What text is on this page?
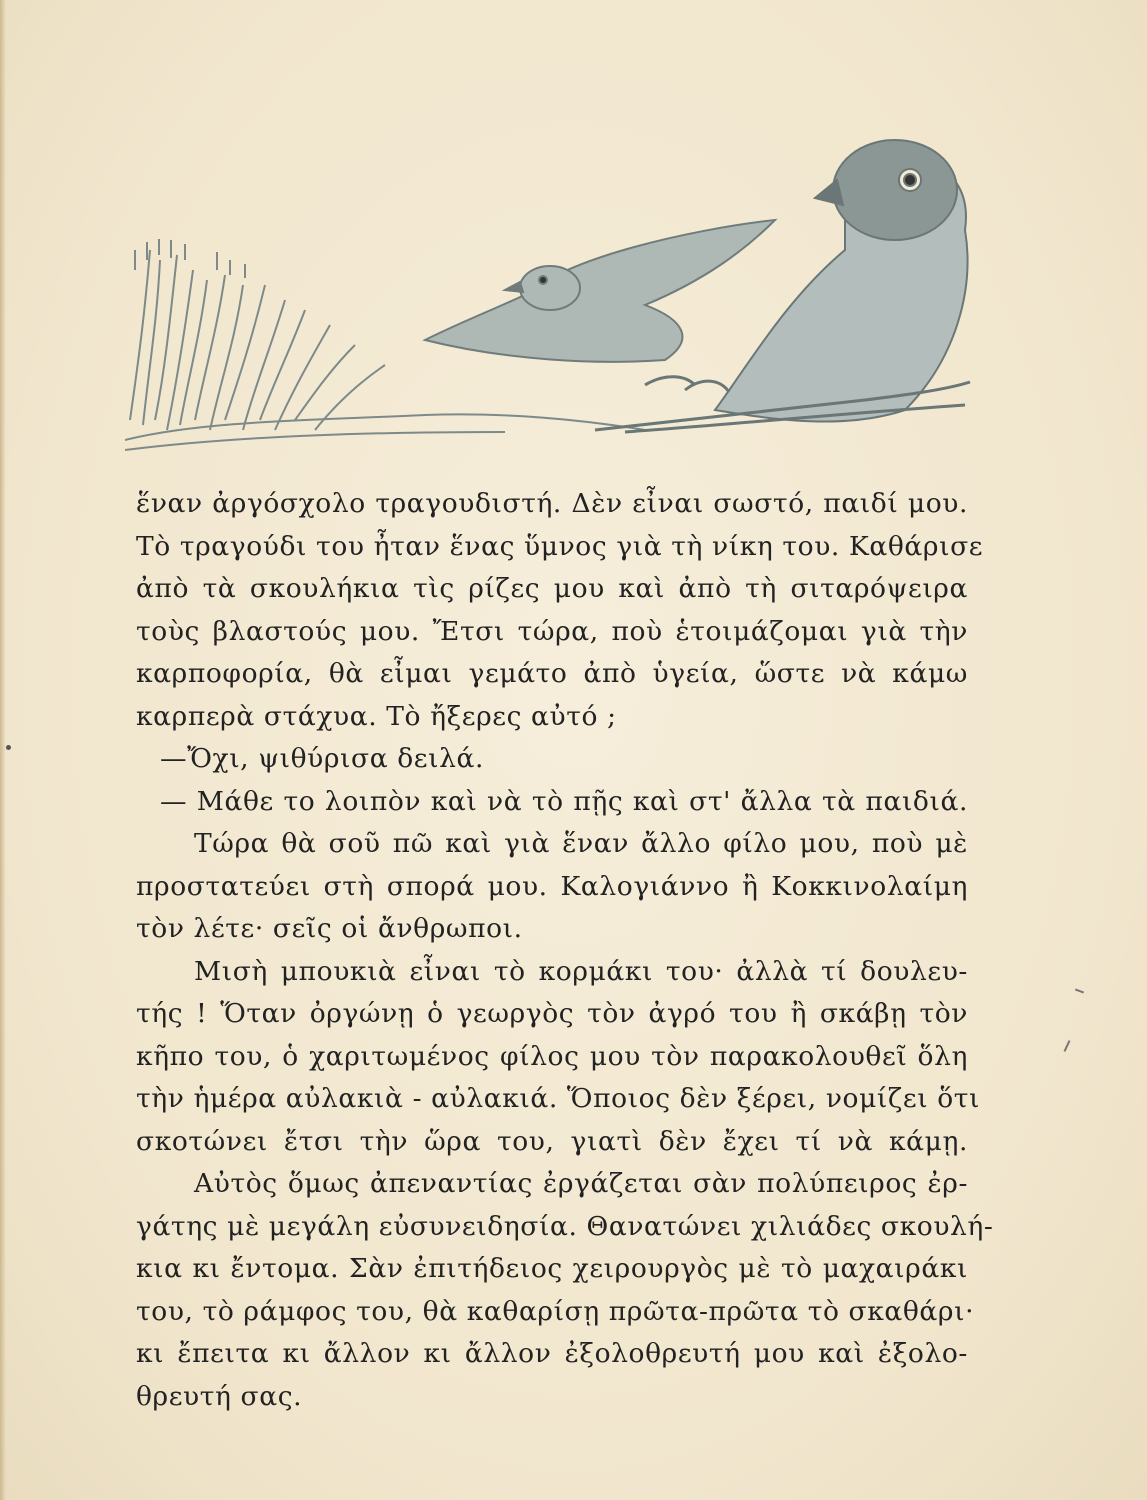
ἕναν ἀργόσχολο τραγουδιστή. Δὲν εἶναι σωστό, παιδί μου.
Τὸ τραγούδι του ἦταν ἕνας ὕμνος γιὰ τὴ νίκη του. Καθάρισε
ἀπὸ τὰ σκουλήκια τὶς ρίζες μου καὶ ἀπὸ τὴ σιταρόψειρα
τοὺς βλαστούς μου. Ἔτσι τώρα, ποὺ ἑτοιμάζομαι γιὰ τὴν
καρποφορία, θὰ εἶμαι γεμάτο ἀπὸ ὑγεία, ὥστε νὰ κάμω
καρπερὰ στάχυα. Τὸ ἤξερες αὐτό ;
—Ὄχι, ψιθύρισα δειλά.
— Μάθε το λοιπὸν καὶ νὰ τὸ πῇς καὶ στ' ἄλλα τὰ παιδιά.
Τώρα θὰ σοῦ πῶ καὶ γιὰ ἕναν ἄλλο φίλο μου, ποὺ μὲ
προστατεύει στὴ σπορά μου. Καλογιάννο ἢ Κοκκινολαίμη
τὸν λέτε· σεῖς οἱ ἄνθρωποι.
Μισὴ μπουκιὰ εἶναι τὸ κορμάκι του· ἀλλὰ τί δουλευ-
τής ! Ὅταν ὀργώνῃ ὁ γεωργὸς τὸν ἀγρό του ἢ σκάβῃ τὸν
κῆπο του, ὁ χαριτωμένος φίλος μου τὸν παρακολουθεῖ ὅλη
τὴν ἡμέρα αὐλακιὰ - αὐλακιά. Ὅποιος δὲν ξέρει, νομίζει ὅτι
σκοτώνει ἔτσι τὴν ὥρα του, γιατὶ δὲν ἔχει τί νὰ κάμῃ.
Αὐτὸς ὅμως ἀπεναντίας ἐργάζεται σὰν πολύπειρος ἐρ-
γάτης μὲ μεγάλη εὐσυνειδησία. Θανατώνει χιλιάδες σκουλή-
κια κι ἔντομα. Σὰν ἐπιτήδειος χειρουργὸς μὲ τὸ μαχαιράκι
του, τὸ ράμφος του, θὰ καθαρίσῃ πρῶτα-πρῶτα τὸ σκαθάρι·
κι ἔπειτα κι ἄλλον κι ἄλλον ἐξολοθρευτή μου καὶ ἐξολο-
θρευτή σας.
